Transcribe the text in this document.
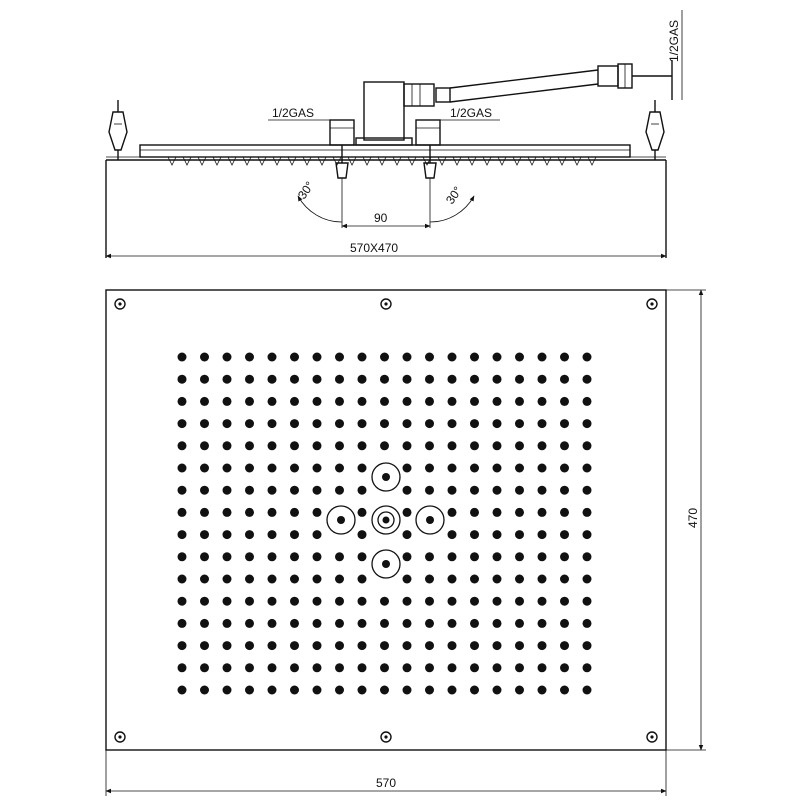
1/2GAS	1/2GAS
1/2GAS
30°	30°
90
570X470
570
470
